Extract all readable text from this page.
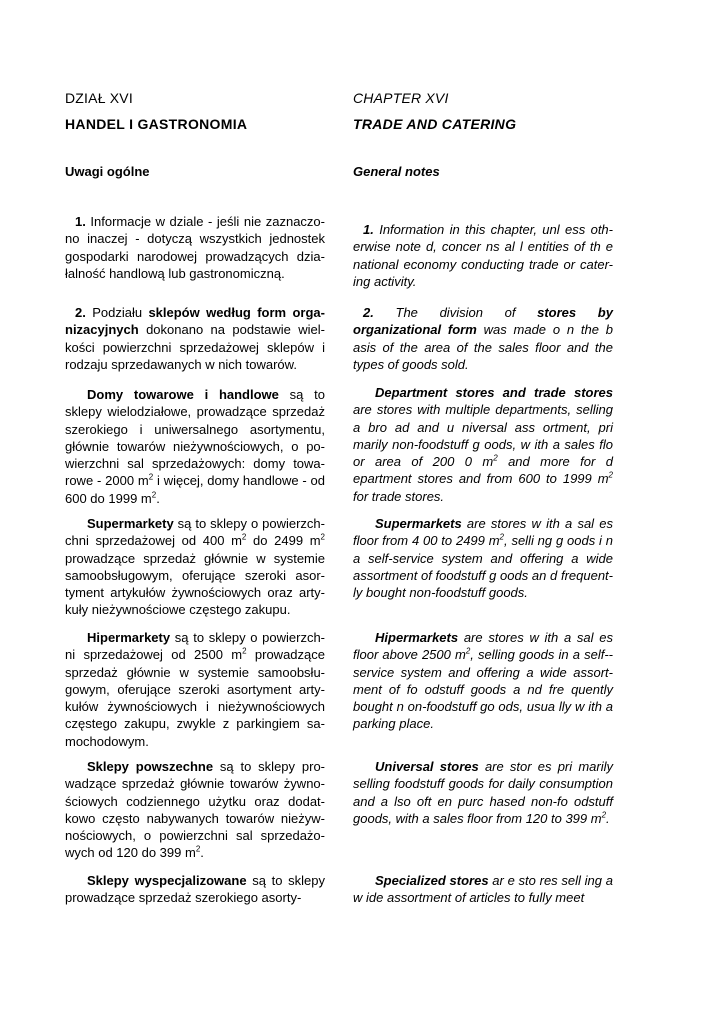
DZIAŁ XVI
HANDEL I GASTRONOMIA
Uwagi ogólne
1. Informacje w dziale - jeśli nie zaznaczo-no inaczej - dotyczą wszystkich jednostek gospodarki narodowej prowadzących dzia-łalność handlową lub gastronomiczną.
2. Podziału sklepów według form orga-nizacyjnych dokonano na podstawie wiel-kości powierzchni sprzedażowej sklepów i rodzaju sprzedawanych w nich towarów.
Domy towarowe i handlowe są to sklepy wielodziałowe, prowadzące sprzedaż szerokiego i uniwersalnego asortymentu, głównie towarów nieżywnościowych, o po-wierzchni sal sprzedażowych: domy towa-rowe - 2000 $m^2$ i więcej, domy handlowe - od 600 do 1999 $m^2$.
Supermarkety są to sklepy o powierzch-chni sprzedażowej od 400 $m^2$ do 2499 $m^2$ prowadzące sprzedaż głównie w systemie samoobsługowym, oferujące szeroki asor-tyment artykułów żywnościowych oraz arty-kuły nieżywnościowe częstego zakupu.
Hipermarkety są to sklepy o powierzch-ni sprzedażowej od 2500 $m^2$ prowadzące sprzedaż głównie w systemie samoobsłu-gowym, oferujące szeroki asortyment arty-kułów żywnościowych i nieżywnościowych częstego zakupu, zwykle z parkingiem sa-mochodowym.
Sklepy powszechne są to sklepy pro-wadzące sprzedaż głównie towarów żywno-ściowych codziennego użytku oraz dodat-kowo często nabywanych towarów nieżyw-nościowych, o powierzchni sal sprzedażo-wych od 120 do 399 $m^2$.
Sklepy wyspecjalizowane są to sklepy prowadzące sprzedaż szerokiego asorty-
CHAPTER XVI
TRADE AND CATERING
General notes
1. Information in this chapter, unl ess oth-erwise note d, concer ns al l entities of th e national economy conducting trade or cater-ing activity.
2. The division of stores by organizational form was made o n the b asis of the area of the sales floor and the types of goods sold.
Department stores and trade stores are stores with multiple departments, selling a bro ad and u niversal ass ortment, pri marily non-foodstuff g oods, w ith a sales flo or area of 200 0 $m^2$ and more for d epartment stores and from 600 to 1999 $m^2$ for trade stores.
Supermarkets are stores w ith a sal es floor from 4 00 to 2499 $m^2$, selli ng g oods i n a self-service system and offering a wide assortment of foodstuff g oods an d frequent-ly bought non-foodstuff goods.
Hipermarkets are stores w ith a sal es floor above 2500 $m^2$, selling goods in a self--service system and offering a wide assort-ment of fo odstuff goods a nd fre quently bought n on-foodstuff go ods, usua lly w ith a parking place.
Universal stores are stor es pri marily selling foodstuff goods for daily consumption and a lso oft en purc hased non-fo odstuff goods, with a sales floor from 120 to 399 $m^2$.
Specialized stores ar e sto res sell ing a w ide assortment of articles to fully meet
